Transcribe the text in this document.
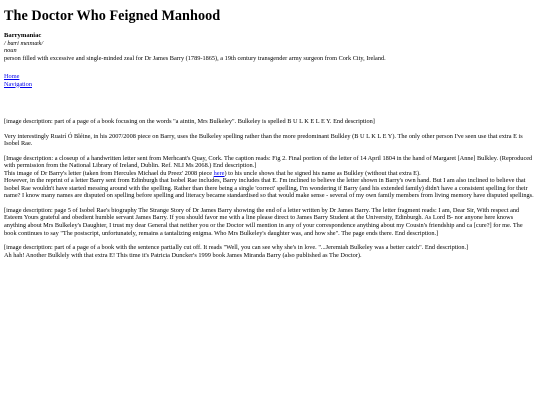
The Doctor Who Feigned Manhood
Barrymaniac
/ bæri meɪnɪæk/
noun
person filled with excessive and single-minded zeal for Dr James Barry (1789-1865), a 19th century transgender army surgeon from Cork City, Ireland.
Home
Navigation

[image description: part of a page of a book focusing on the words "a aintin, Mrs Bulkeley". Bulkeley is spelled B U L K E L E Y. End description]

Very interestingly Ruairí Ó Bléine, in his 2007/2008 piece on Barry, uses the Bulkeley spelling rather than the more predominant Bulkley (B U L K L E Y). The only other person I've seen use that extra E is Isobel Rae.

[Image description: a closeup of a handwritten letter sent from Merhcant's Quay, Cork. The caption reads: Fig 2. Final portion of the letter of 14 April 1804 in the hand of Margaret [Anne] Bulkley. (Reproduced with permission from the National Library of Ireland, Dublin. Ref. NLI Ms 2068.) End description.]
This image of Dr Barry's letter (taken from Hercules Michael du Preez' 2008 piece here) to his uncle shows that he signed his name as Bulkley (without that extra E).
However, in the reprint of a letter Barry sent from Edinburgh that Isobel Rae includes, Barry includes that E. I'm inclined to believe the letter shown in Barry's own hand. But I am also inclined to believe that Isobel Rae wouldn't have started messing around with the spelling. Rather than there being a single 'correct' spelling, I'm wondering if Barry (and his extended family) didn't have a consistent spelling for their name? I know many names are disputed on spelling before spelling and literacy became standardised so that would make sense - several of my own family members from living memory have disputed spellings.

[image description: page 5 of Isobel Rae's biography The Strange Story of Dr James Barry showing the end of a letter written by Dr James Barry. The letter fragment reads: I am, Dear Sir, With respect and Esteem Yours grateful and obedient humble servant James Barry. If you should favor me with a line please direct to James Barry Student at the University, Edinburgh. As Lord B- nor anyone here knows anything about Mrs Bulkeley's Daughter, I trust my dear General that neither you or the Doctor will mention in any of your correspondence anything about my Cousin's friendship and ca [cure?] for me. The book continues to say "The postscript, unfortunately, remains a tantalizing enigma. Who Mrs Bulkeley's daughter was, and how she". The page ends there. End description.]

[image description: part of a page of a book with the sentence partially cut off. It reads "Well, you can see why she's in love. "...Jeremiah Bulkeley was a better catch". End description.]
Ah hah! Another Bulklely with that extra E! This time it's Patricia Duncker's 1999 book James Miranda Barry (also published as The Doctor).
